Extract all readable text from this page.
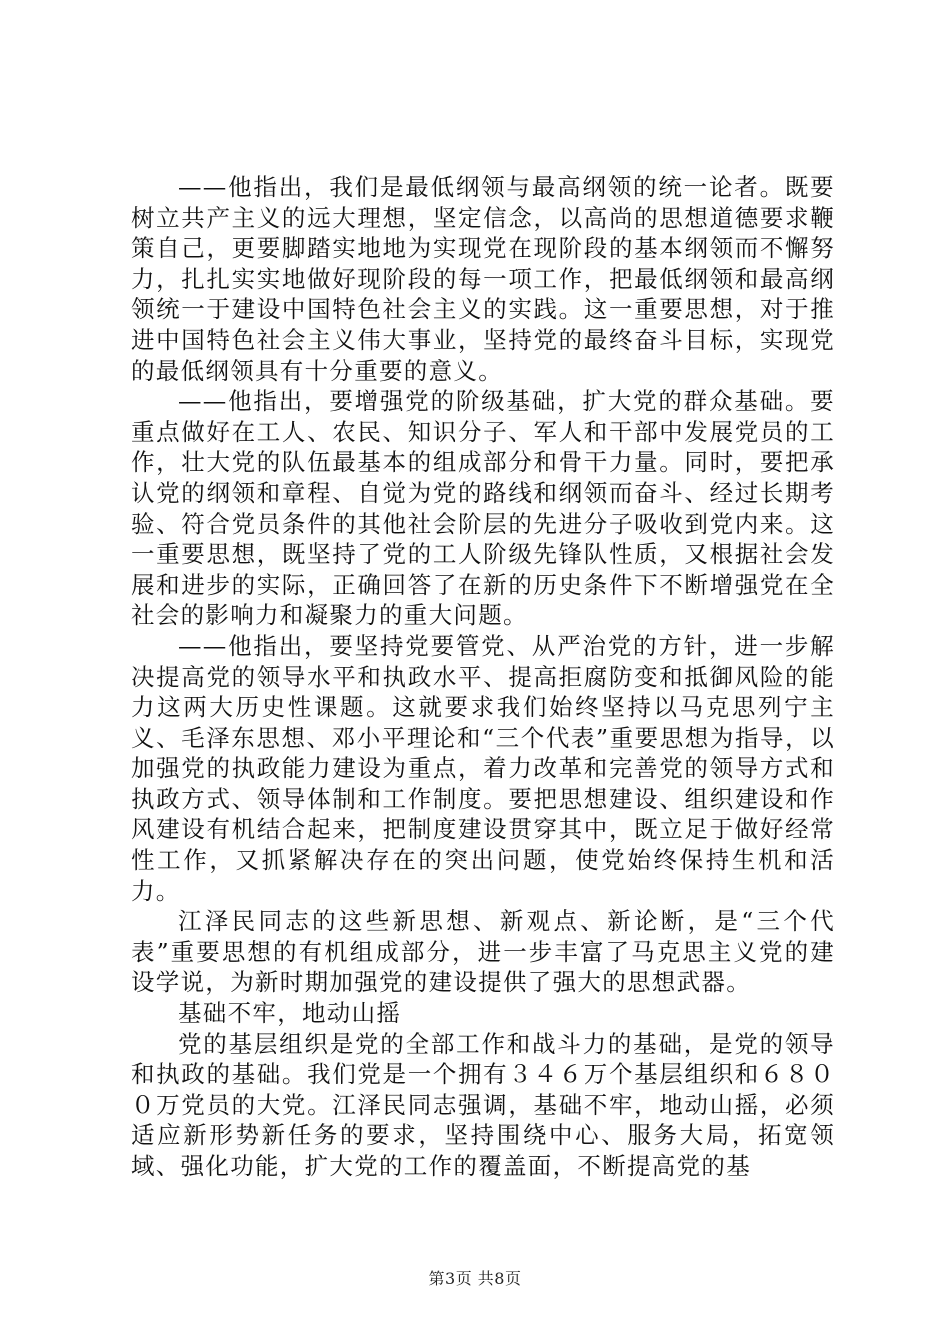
——他指出，我们是最低纲领与最高纲领的统一论者。既要树立共产主义的远大理想，坚定信念，以高尚的思想道德要求鞭策自己，更要脚踏实地地为实现党在现阶段的基本纲领而不懈努力，扎扎实实地做好现阶段的每一项工作，把最低纲领和最高纲领统一于建设中国特色社会主义的实践。这一重要思想，对于推进中国特色社会主义伟大事业，坚持党的最终奋斗目标，实现党的最低纲领具有十分重要的意义。

——他指出，要增强党的阶级基础，扩大党的群众基础。要重点做好在工人、农民、知识分子、军人和干部中发展党员的工作，壮大党的队伍最基本的组成部分和骨干力量。同时，要把承认党的纲领和章程、自觉为党的路线和纲领而奋斗、经过长期考验、符合党员条件的其他社会阶层的先进分子吸收到党内来。这一重要思想，既坚持了党的工人阶级先锋队性质，又根据社会发展和进步的实际，正确回答了在新的历史条件下不断增强党在全社会的影响力和凝聚力的重大问题。

——他指出，要坚持党要管党、从严治党的方针，进一步解决提高党的领导水平和执政水平、提高拒腐防变和抵御风险的能力这两大历史性课题。这就要求我们始终坚持以马克思列宁主义、毛泽东思想、邓小平理论和“三个代表”重要思想为指导，以加强党的执政能力建设为重点，着力改革和完善党的领导方式和执政方式、领导体制和工作制度。要把思想建设、组织建设和作风建设有机结合起来，把制度建设贯穿其中，既立足于做好经常性工作，又抓紧解决存在的突出问题，使党始终保持生机和活力。

江泽民同志的这些新思想、新观点、新论断，是“三个代表”重要思想的有机组成部分，进一步丰富了马克思主义党的建设学说，为新时期加强党的建设提供了强大的思想武器。

基础不牢，地动山摇

党的基层组织是党的全部工作和战斗力的基础，是党的领导和执政的基础。我们党是一个拥有３４６万个基层组织和６８００万党员的大党。江泽民同志强调，基础不牢，地动山摇，必须适应新形势新任务的要求，坚持围绕中心、服务大局，拓宽领域、强化功能，扩大党的工作的覆盖面，不断提高党的基

第3页 共8页
